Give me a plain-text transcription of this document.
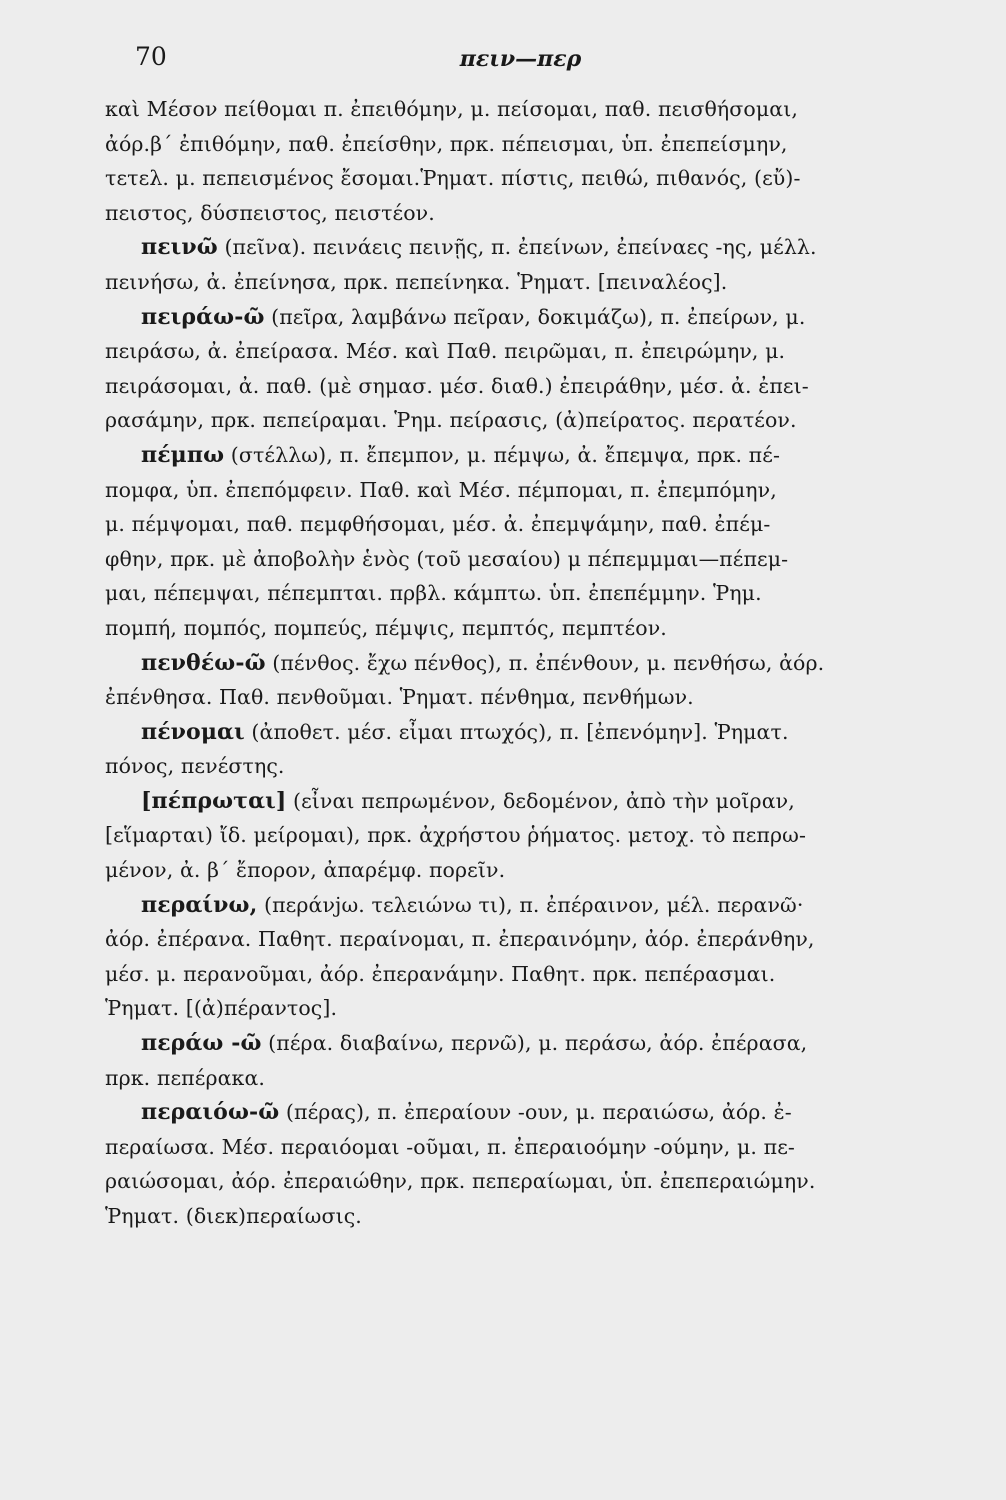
70	πειν—περ
καὶ Μέσον πείθομαι π. ἐπειθόμην, μ. πείσομαι, παθ. πεισθήσομαι,
ἀόρ.β΄ ἐπιθόμην, παθ. ἐπείσθην, πρκ. πέπεισμαι, ὑπ. ἐπεπείσμην,
τετελ. μ. πεπεισμένος ἔσομαι.Ῥηματ. πίστις, πειθώ, πιθανός, (εὔ)-
πειστος, δύσπειστος, πειστέον.
πεινῶ (πεῖνα). πεινάεις πεινῇς, π. ἐπείνων, ἐπείναες -ης, μέλλ.
πεινήσω, ἀ. ἐπείνησα, πρκ. πεπείνηκα. Ῥηματ. [πειναλέος].
πειράω-ῶ (πεῖρα, λαμβάνω πεῖραν, δοκιμάζω), π. ἐπείρων, μ.
πειράσω, ἀ. ἐπείρασα. Μέσ. καὶ Παθ. πειρῶμαι, π. ἐπειρώμην, μ.
πειράσομαι, ἀ. παθ. (μὲ σημασ. μέσ. διαθ.) ἐπειράθην, μέσ. ἀ. ἐπει-
ρασάμην, πρκ. πεπείραμαι. Ῥημ. πείρασις, (ἀ)πείρατος. περατέον.
πέμπω (στέλλω), π. ἔπεμπον, μ. πέμψω, ἀ. ἔπεμψα, πρκ. πέ-
πομφα, ὑπ. ἐπεπόμφειν. Παθ. καὶ Μέσ. πέμπομαι, π. ἐπεμπόμην,
μ. πέμψομαι, παθ. πεμφθήσομαι, μέσ. ἀ. ἐπεμψάμην, παθ. ἐπέμ-
φθην, πρκ. μὲ ἀποβολὴν ἑνὸς (τοῦ μεσαίου) μ πέπεμμμαι—πέπεμ-
μαι, πέπεμψαι, πέπεμπται. πρβλ. κάμπτω. ὑπ. ἐπεπέμμην. Ῥημ.
πομπή, πομπός, πομπεύς, πέμψις, πεμπτός, πεμπτέον.
πενθέω-ῶ (πένθος. ἔχω πένθος), π. ἐπένθουν, μ. πενθήσω, ἀόρ.
ἐπένθησα. Παθ. πενθοῦμαι. Ῥηματ. πένθημα, πενθήμων.
πένομαι (ἀποθετ. μέσ. εἶμαι πτωχός), π. [ἐπενόμην]. Ῥηματ.
πόνος, πενέστης.
[πέπρωται] (εἶναι πεπρωμένον, δεδομένον, ἀπὸ τὴν μοῖραν,
[εἵμαρται) ἴδ. μείρομαι), πρκ. ἀχρήστου ῥήματος. μετοχ. τὸ πεπρω-
μένον, ἀ. β΄ ἔπορον, ἀπαρέμφ. πορεῖν.
περαίνω, (περάνјω. τελειώνω τι), π. ἐπέραινον, μέλ. περανῶ·
ἀόρ. ἐπέρανα. Παθητ. περαίνομαι, π. ἐπεραινόμην, ἀόρ. ἐπεράνθην,
μέσ. μ. περανοῦμαι, ἀόρ. ἐπερανάμην. Παθητ. πρκ. πεπέρασμαι.
Ῥηματ. [(ἀ)πέραντος].
περάω -ῶ (πέρα. διαβαίνω, περνῶ), μ. περάσω, ἀόρ. ἐπέρασα,
πρκ. πεπέρακα.
περαιόω-ῶ (πέρας), π. ἐπεραίουν -ουν, μ. περαιώσω, ἀόρ. ἐ-
περαίωσα. Μέσ. περαιόομαι -οῦμαι, π. ἐπεραιοόμην -ούμην, μ. πε-
ραιώσομαι, ἀόρ. ἐπεραιώθην, πρκ. πεπεραίωμαι, ὑπ. ἐπεπεραιώμην.
Ῥηματ. (διεκ)περαίωσις.
